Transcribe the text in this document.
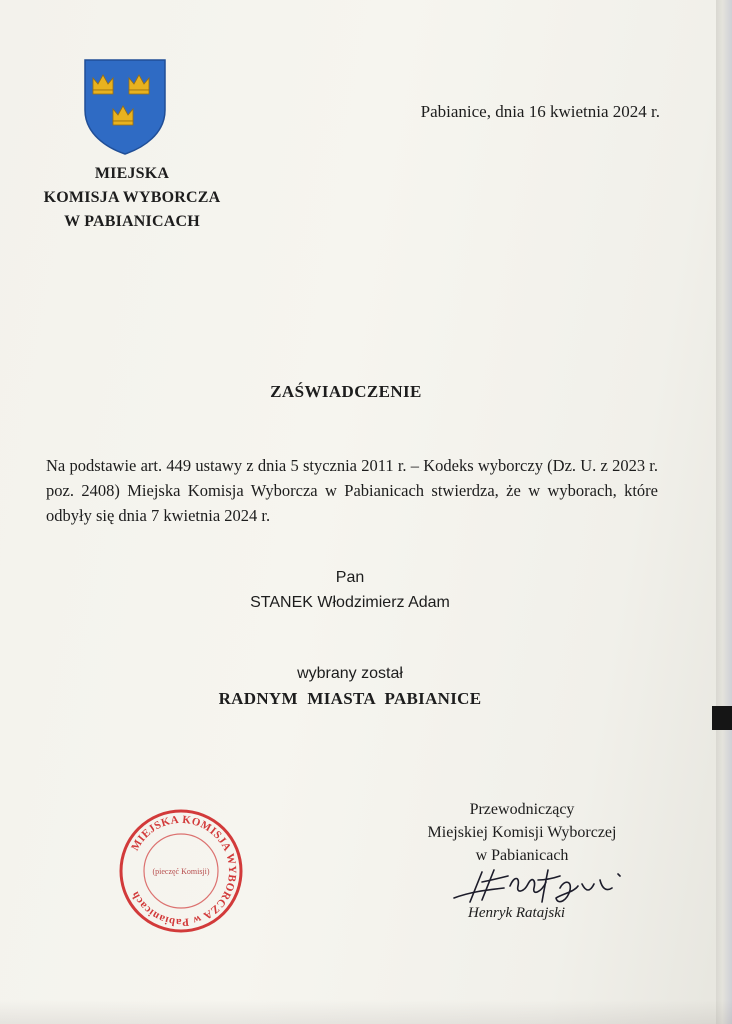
MIEJSKA
KOMISJA WYBORCZA
W PABIANICACH
Pabianice, dnia 16 kwietnia 2024 r.
ZAŚWIADCZENIE

Na podstawie art. 449 ustawy z dnia 5 stycznia 2011 r. – Kodeks wyborczy (Dz. U. z 2023 r. poz. 2408) Miejska Komisja Wyborcza w Pabianicach stwierdza, że w wyborach, które odbyły się dnia 7 kwietnia 2024 r.

Pan
STANEK Włodzimierz Adam
wybrany został
RADNYM MIASTA PABIANICE
Przewodniczący
Miejskiej Komisji Wyborczej
w Pabianicach
MIEJSKA KOMISJA WYBORCZA w Pabianicach
(pieczęć Komisji)
Henryk Ratajski
